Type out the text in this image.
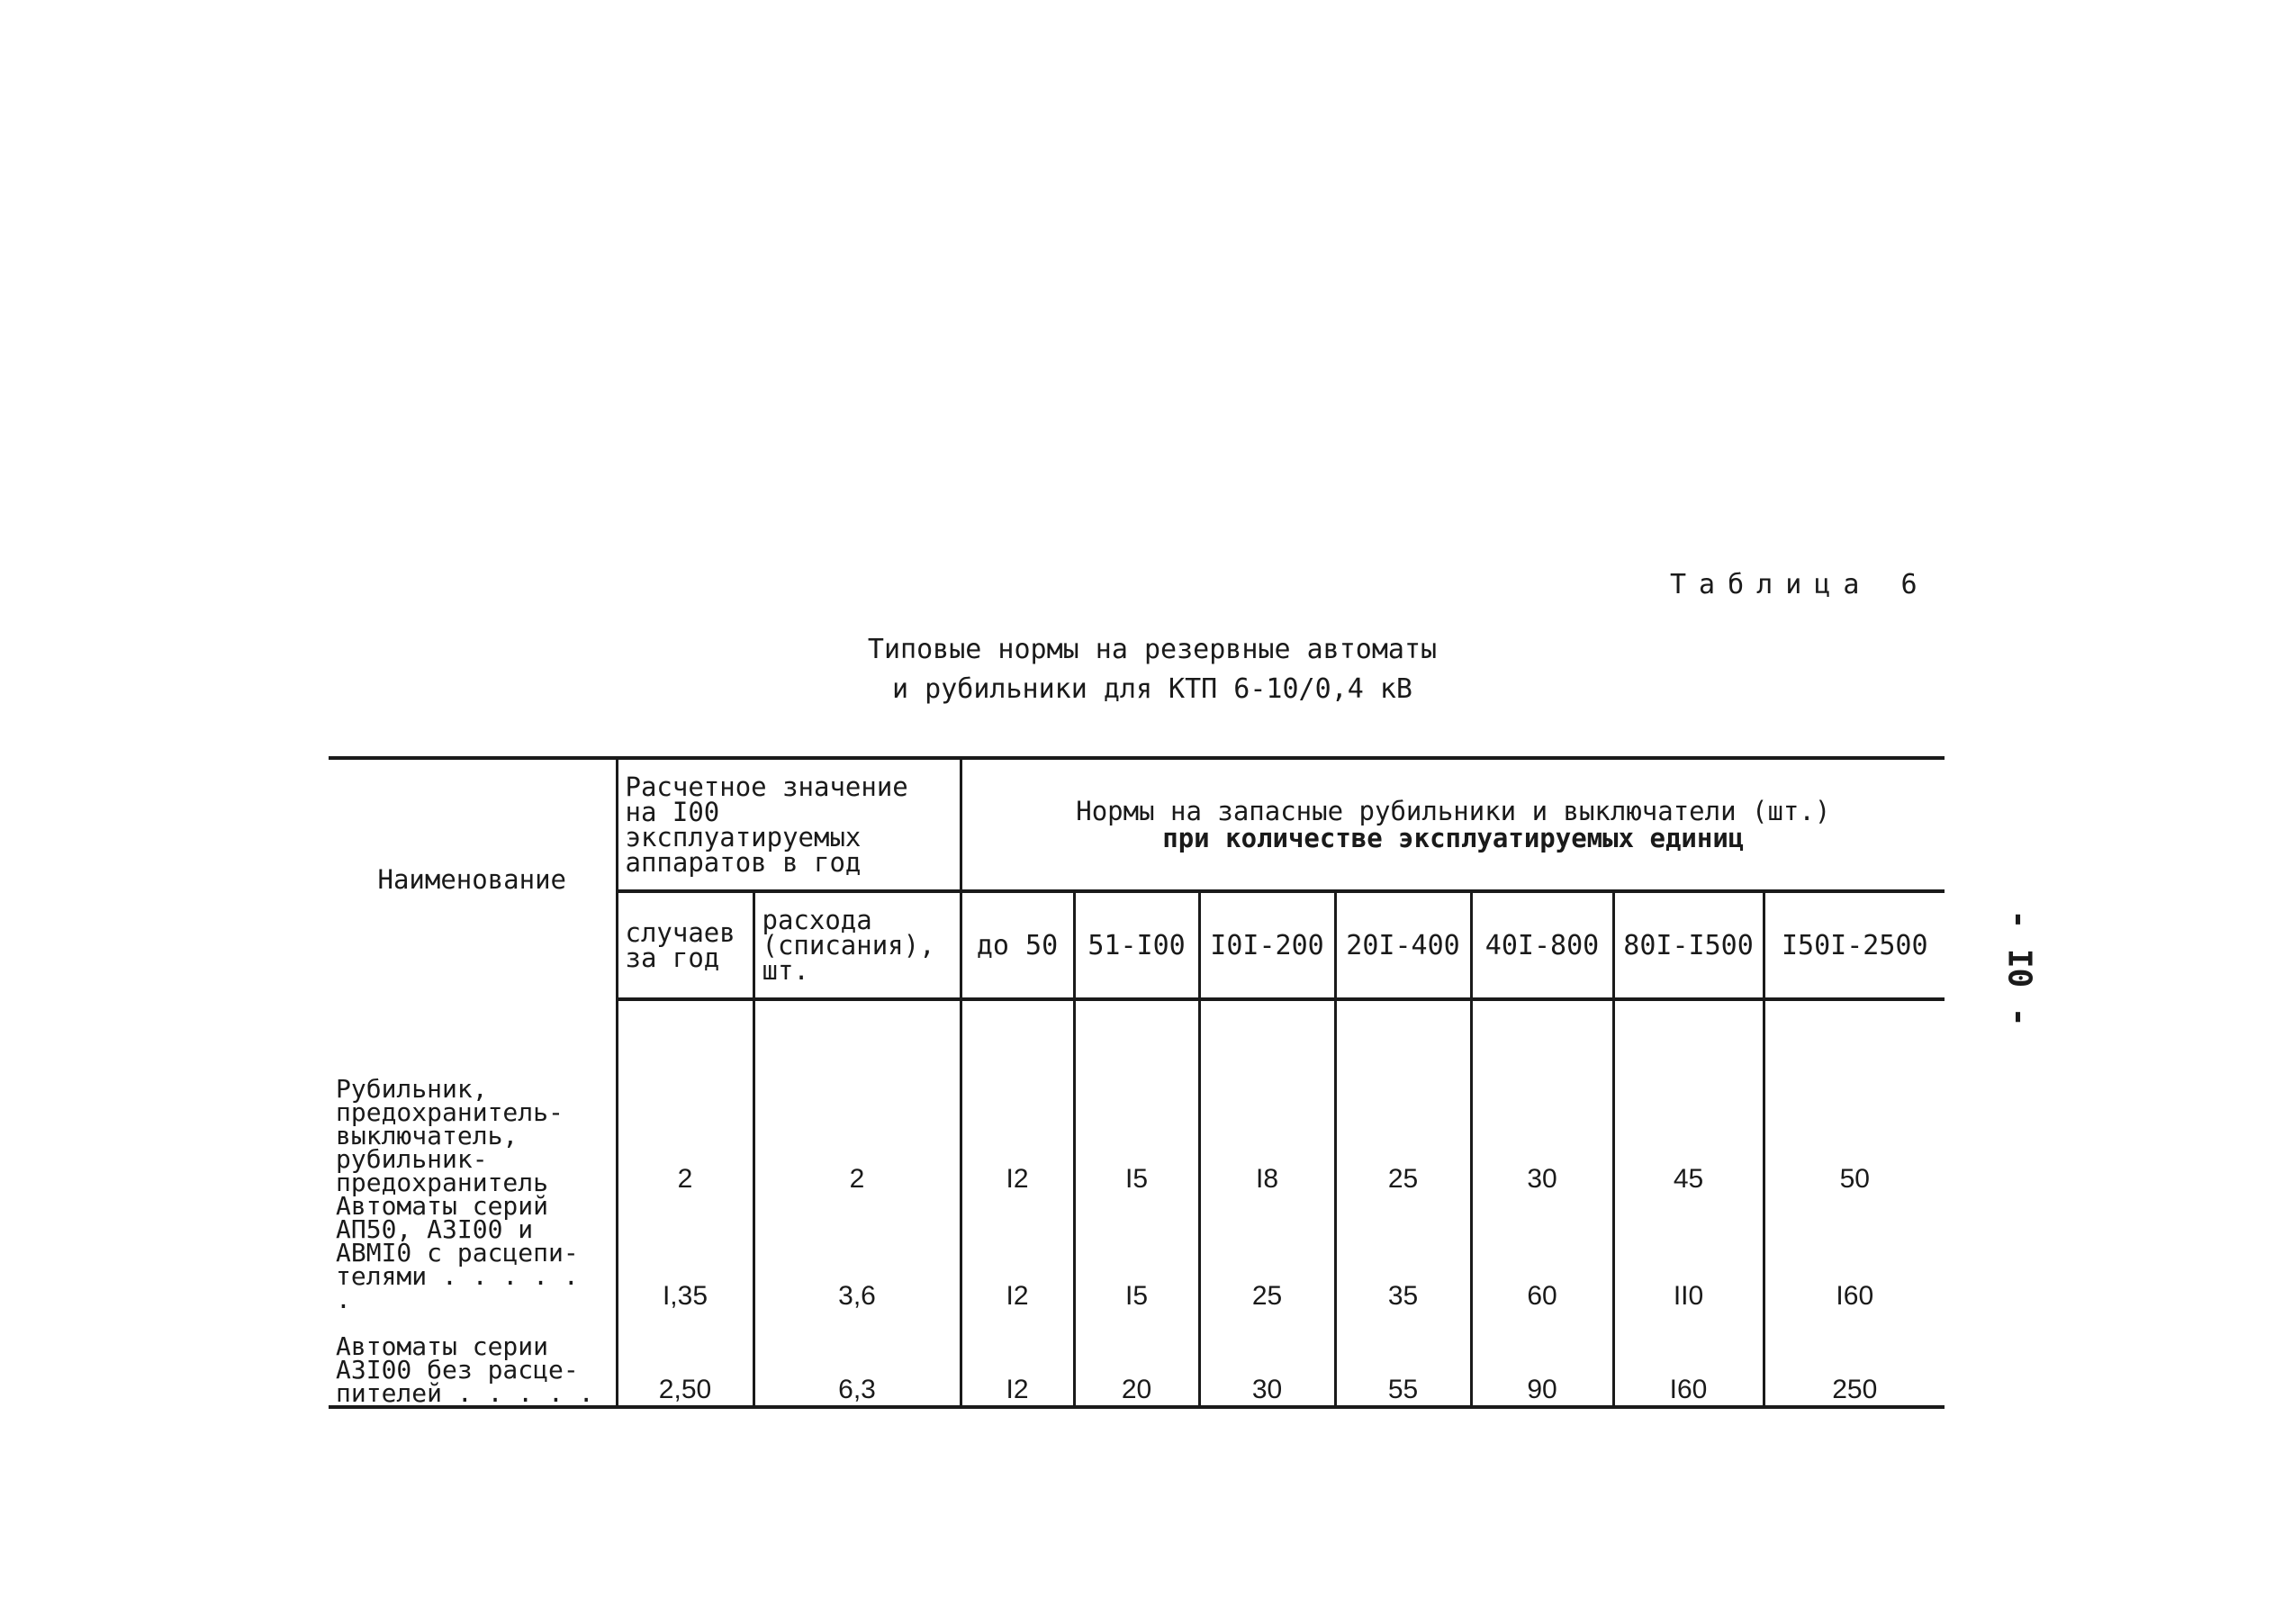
Таблица 6
Типовые нормы на резервные автоматы
и рубильники для КТП 6-10/0,4 кВ
- I0 -
Наименование	Расчетное значение на I00 эксплуатируемых аппаратов в год		Нормы на запасные рубильники и выключатели (шт.)
при количестве эксплуатируемых единиц						

	случаев за год	расхода (списания), шт.	до 50	51-I00	I0I-200	20I-400	40I-800	80I-I500	I50I-2500
Рубильник,
предохранитель-
выключатель,
рубильник-
предохранитель	2	2	I2	I5	I8	25	30	45	50
Автоматы серий
АП50, А3I00 и
АВМI0 с расцепи-
телями . . . . . .	I,35	3,6	I2	I5	25	35	60	II0	I60
Автоматы серии
А3I00 без расце-
пителей . . . . .	2,50	6,3	I2	20	30	55	90	I60	250
